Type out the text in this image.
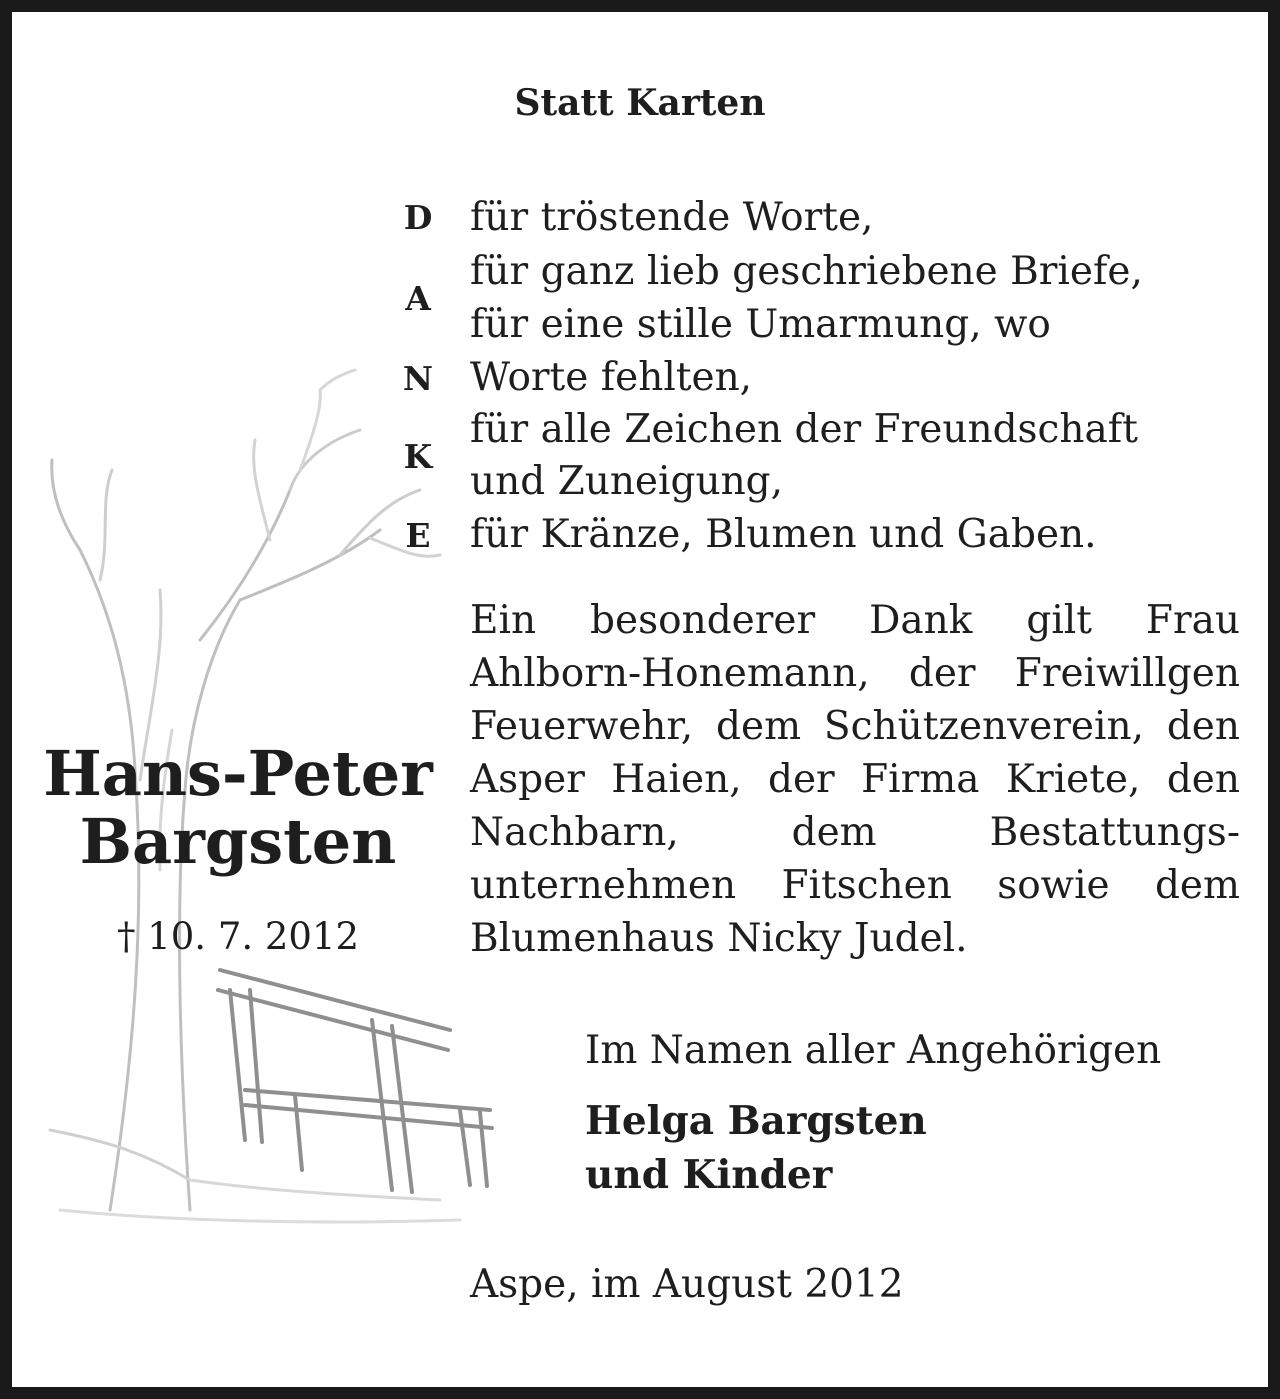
Statt Karten
D
A
N
K
E
für tröstende Worte,
für ganz lieb geschriebene Briefe,
für eine stille Umarmung, wo
Worte fehlten,
für alle Zeichen der Freundschaft
und Zuneigung,
für Kränze, Blumen und Gaben.
Ein besonderer Dank gilt Frau Ahlborn-Honemann, der Freiwillgen Feuerwehr, dem Schützenverein, den Asper Haien, der Firma Kriete, den Nachbarn, dem Bestattungs-unternehmen Fitschen sowie dem Blumenhaus Nicky Judel.
Hans-Peter
Bargsten
† 10. 7. 2012
Im Namen aller Angehörigen
Helga Bargsten
und Kinder
Aspe, im August 2012
